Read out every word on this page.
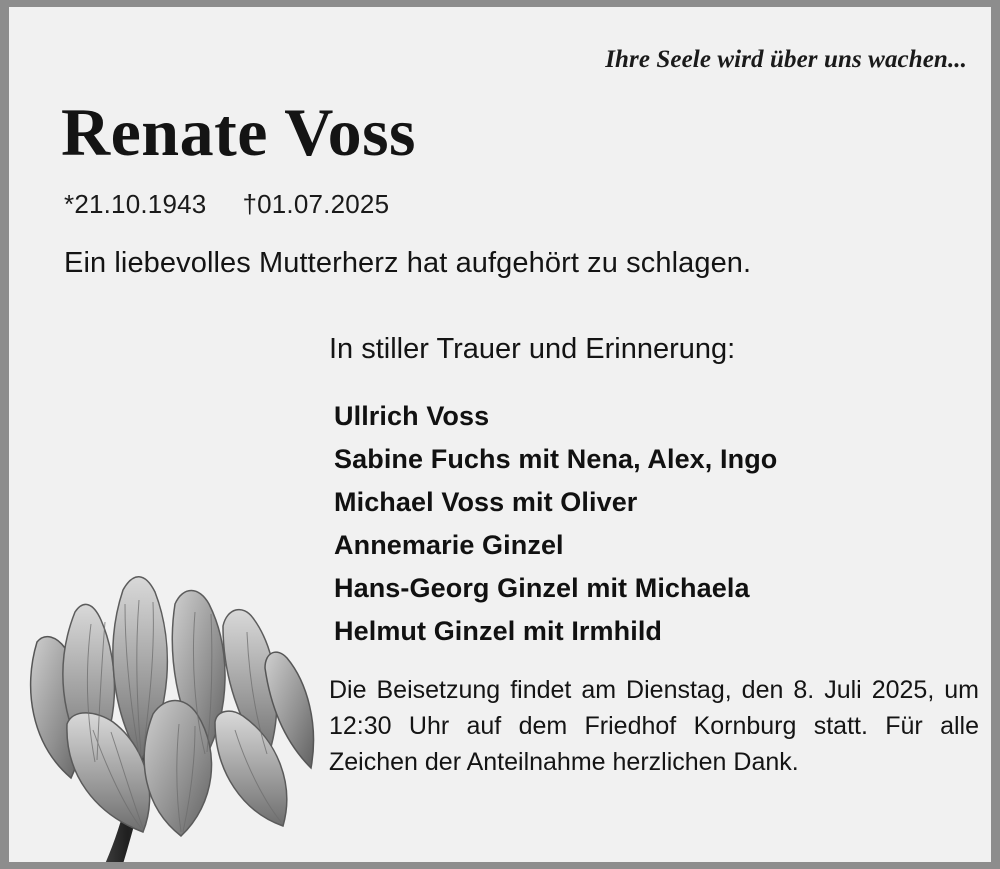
Ihre Seele wird über uns wachen...
Renate Voss
*21.10.1943 †01.07.2025
Ein liebevolles Mutterherz hat aufgehört zu schlagen.
In stiller Trauer und Erinnerung:
Ullrich Voss
Sabine Fuchs mit Nena, Alex, Ingo
Michael Voss mit Oliver
Annemarie Ginzel
Hans-Georg Ginzel mit Michaela
Helmut Ginzel mit Irmhild
Die Beisetzung findet am Dienstag, den 8. Juli 2025, um 12:30 Uhr auf dem Friedhof Kornburg statt. Für alle Zeichen der Anteilnahme herzlichen Dank.
